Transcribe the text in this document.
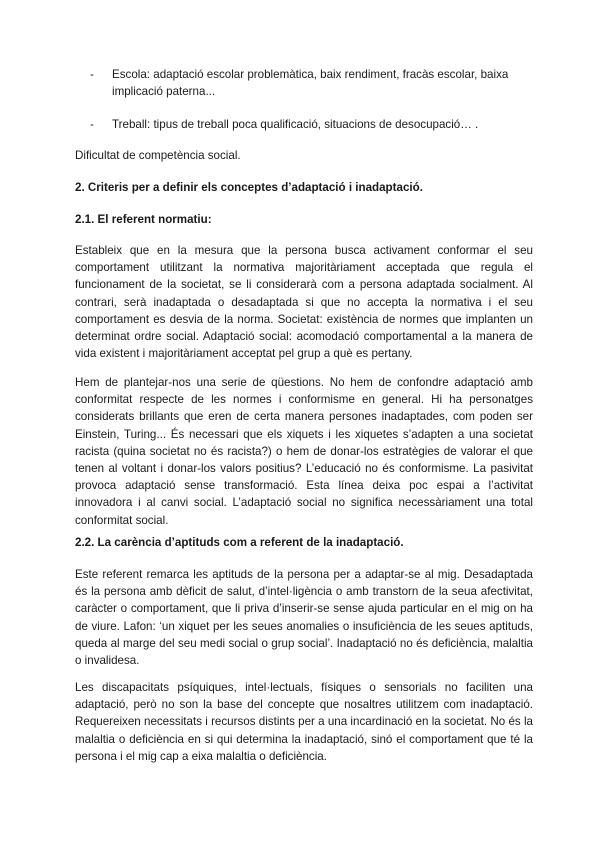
- Escola: adaptació escolar problemàtica, baix rendiment, fracàs escolar, baixa implicació paterna...
- Treball: tipus de treball poca qualificació, situacions de desocupació… .
Dificultat de competència social.
2. Criteris per a definir els conceptes d’adaptació i inadaptació.
2.1. El referent normatiu:
Estableix que en la mesura que la persona busca activament conformar el seu comportament utilitzant la normativa majoritàriament acceptada que regula el funcionament de la societat, se li considerarà com a persona adaptada socialment. Al contrari, serà inadaptada o desadaptada si que no accepta la normativa i el seu comportament es desvia de la norma. Societat: existència de normes que implanten un determinat ordre social. Adaptació social: acomodació comportamental a la manera de vida existent i majoritàriament acceptat pel grup a què es pertany.
Hem de plantejar-nos una serie de qüestions. No hem de confondre adaptació amb conformitat respecte de les normes i conformisme en general. Hi ha personatges considerats brillants que eren de certa manera persones inadaptades, com poden ser Einstein, Turing... És necessari que els xiquets i les xiquetes s’adapten a una societat racista (quina societat no és racista?) o hem de donar-los estratègies de valorar el que tenen al voltant i donar-los valors positius? L’educació no és conformisme. La pasivitat provoca adaptació sense transformació. Esta línea deixa poc espai a l’activitat innovadora i al canvi social. L’adaptació social no significa necessàriament una total conformitat social.
2.2. La carència d’aptituds com a referent de la inadaptació.
Este referent remarca les aptituds de la persona per a adaptar-se al mig. Desadaptada és la persona amb dèficit de salut, d’intel·ligència o amb transtorn de la seua afectivitat, caràcter o comportament, que li priva d’inserir-se sense ajuda particular en el mig on ha de viure. Lafon: ‘un xiquet per les seues anomalies o insuficiència de les seues aptituds, queda al marge del seu medi social o grup social’. Inadaptació no és deficiència, malaltia o invalidesa.
Les discapacitats psíquiques, intel·lectuals, físiques o sensorials no faciliten una adaptació, però no son la base del concepte que nosaltres utilitzem com inadaptació. Requereixen necessitats i recursos distints per a una incardinació en la societat. No és la malaltia o deficiència en si qui determina la inadaptació, sinó el comportament que té la persona i el mig cap a eixa malaltia o deficiència.
